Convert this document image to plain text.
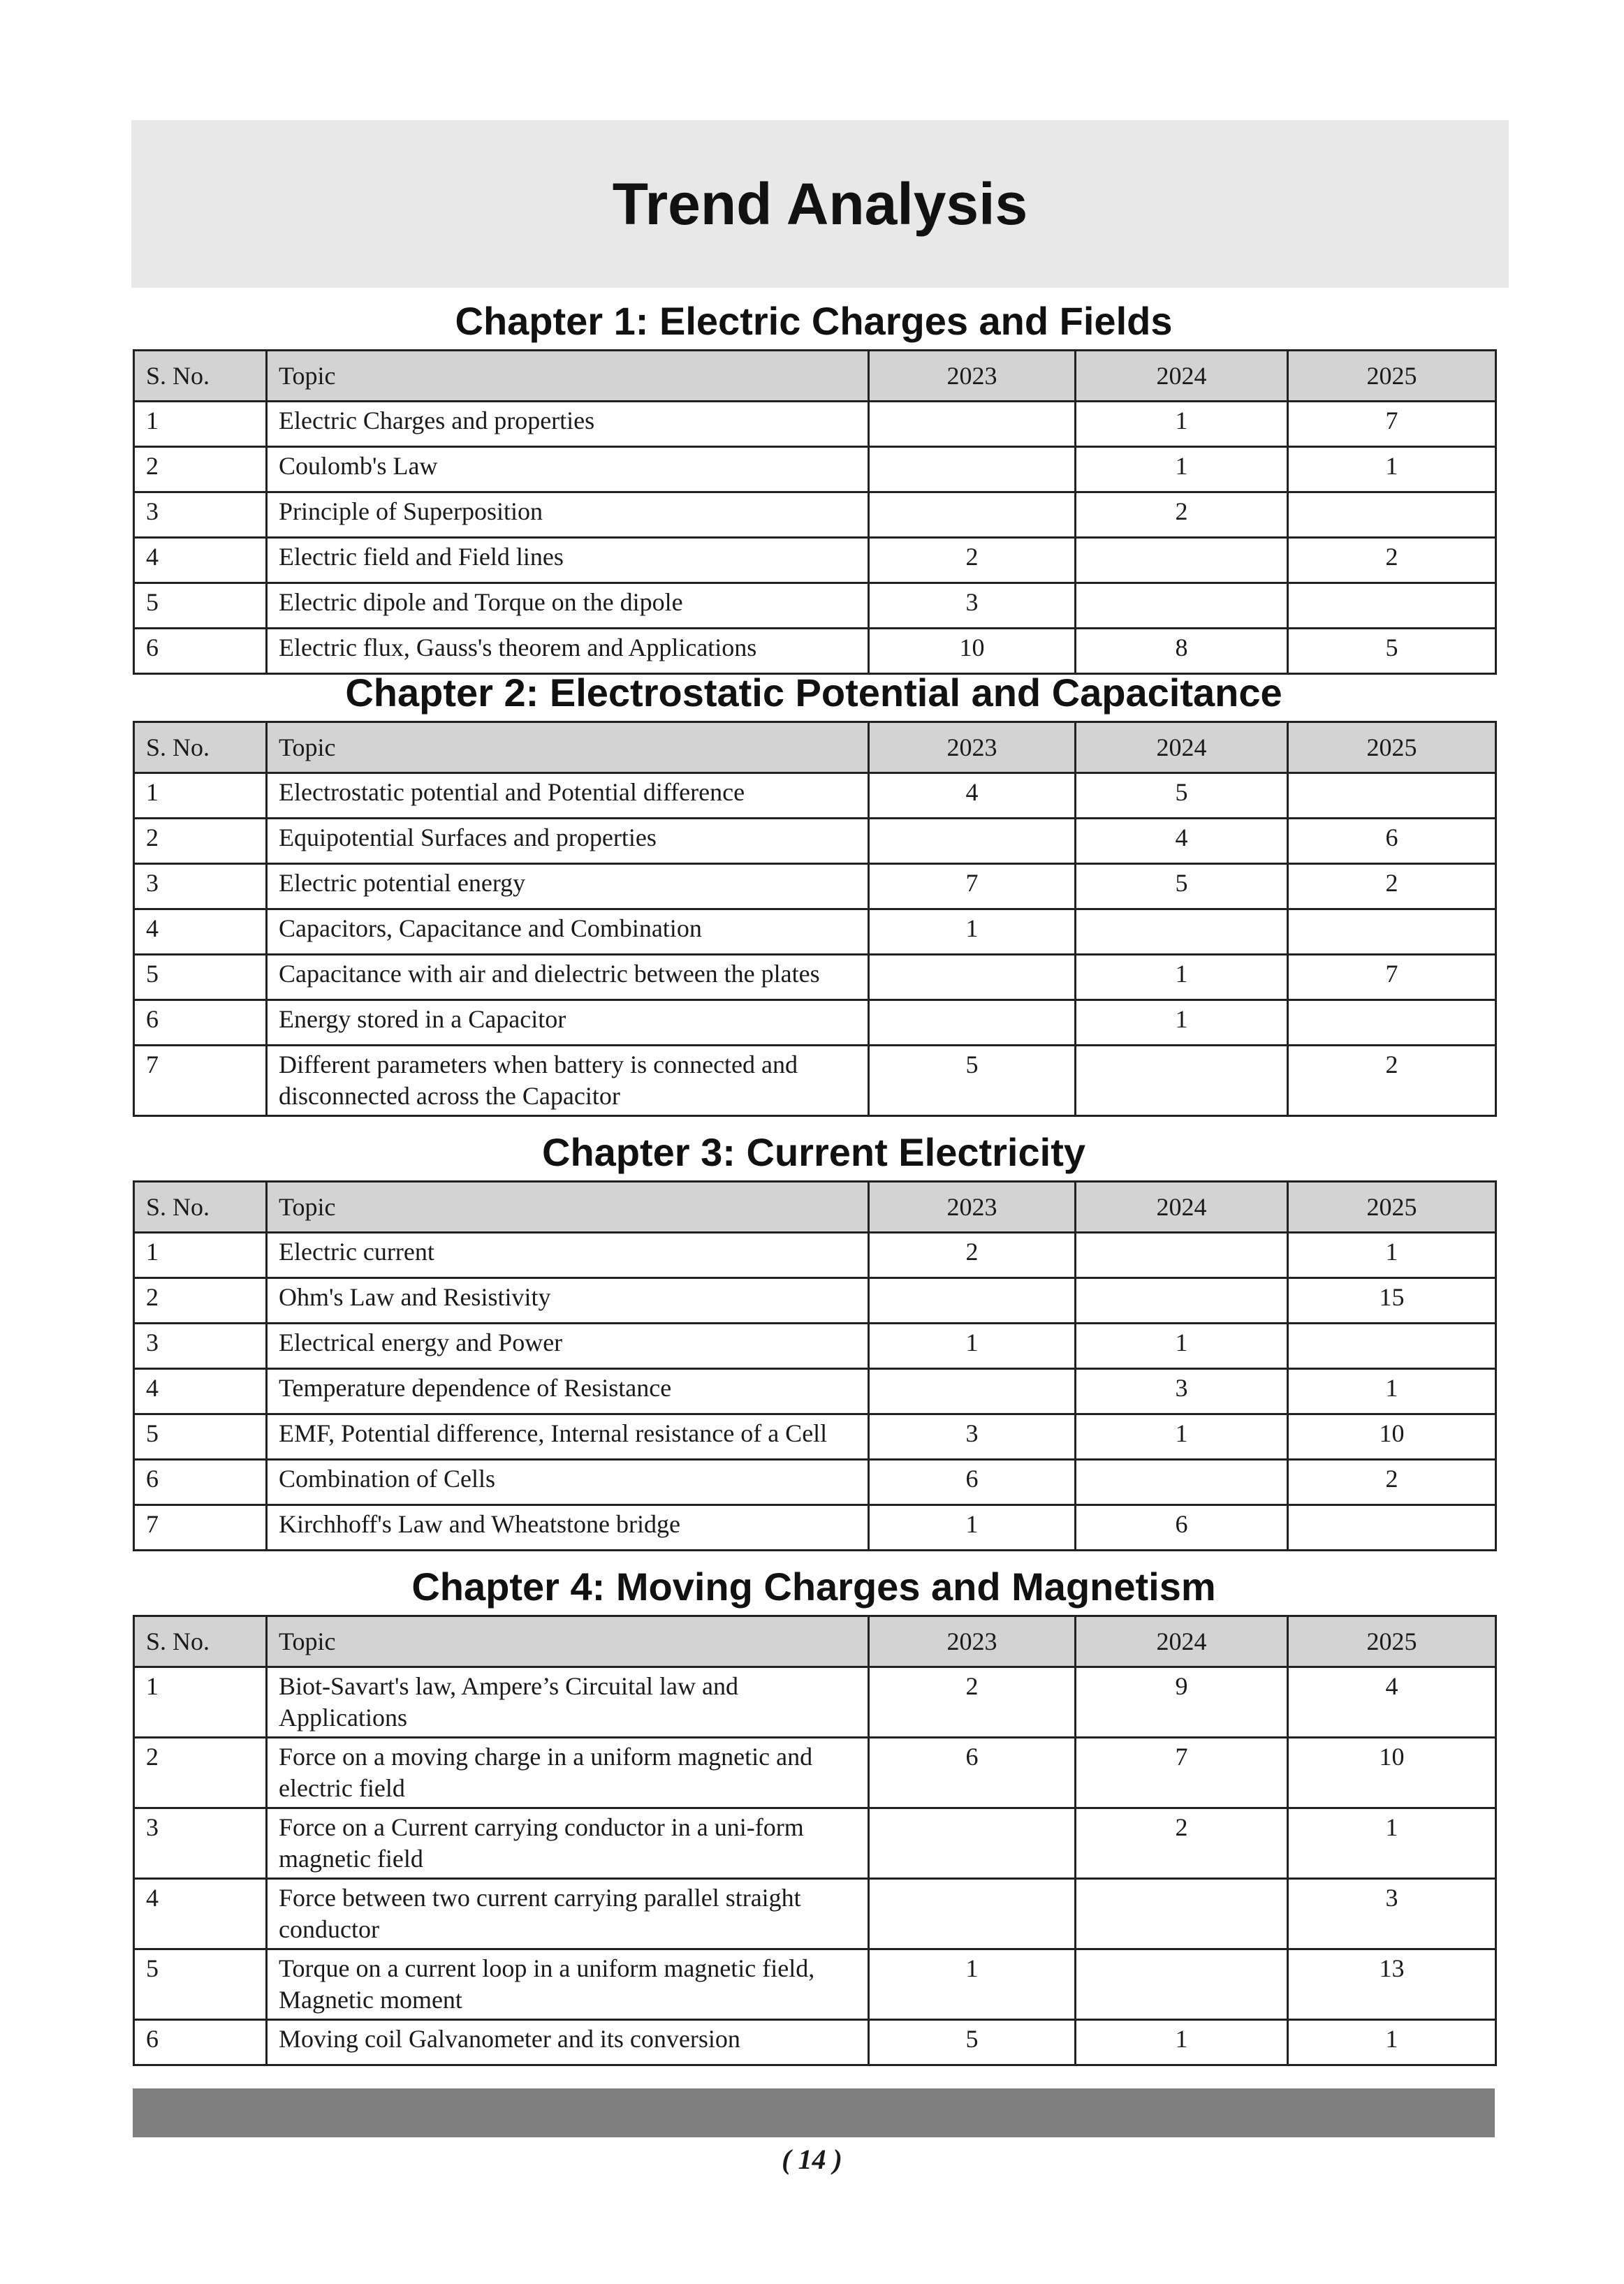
Trend Analysis
Chapter 1: Electric Charges and Fields
S. No.	Topic	2023	2024	2025
1	Electric Charges and properties		1	7
2	Coulomb's Law		1	1
3	Principle of Superposition		2	
4	Electric field and Field lines	2		2
5	Electric dipole and Torque on the dipole	3		
6	Electric flux, Gauss's theorem and Applications	10	8	5
Chapter 2: Electrostatic Potential and Capacitance
S. No.	Topic	2023	2024	2025
1	Electrostatic potential and Potential difference	4	5	
2	Equipotential Surfaces and properties		4	6
3	Electric potential energy	7	5	2
4	Capacitors, Capacitance and Combination	1		
5	Capacitance with air and dielectric between the plates		1	7
6	Energy stored in a Capacitor		1	
7	Different parameters when battery is connected and disconnected across the Capacitor	5		2
Chapter 3: Current Electricity
S. No.	Topic	2023	2024	2025
1	Electric current	2		1
2	Ohm's Law and Resistivity			15
3	Electrical energy and Power	1	1	
4	Temperature dependence of Resistance		3	1
5	EMF, Potential difference, Internal resistance of a Cell	3	1	10
6	Combination of Cells	6		2
7	Kirchhoff's Law and Wheatstone bridge	1	6	
Chapter 4: Moving Charges and Magnetism
S. No.	Topic	2023	2024	2025
1	Biot-Savart's law, Ampere’s Circuital law and Applications	2	9	4
2	Force on a moving charge in a uniform magnetic and electric field	6	7	10
3	Force on a Current carrying conductor in a uni-form magnetic field		2	1
4	Force between two current carrying parallel straight conductor			3
5	Torque on a current loop in a uniform magnetic field, Magnetic moment	1		13
6	Moving coil Galvanometer and its conversion	5	1	1
( 14 )
